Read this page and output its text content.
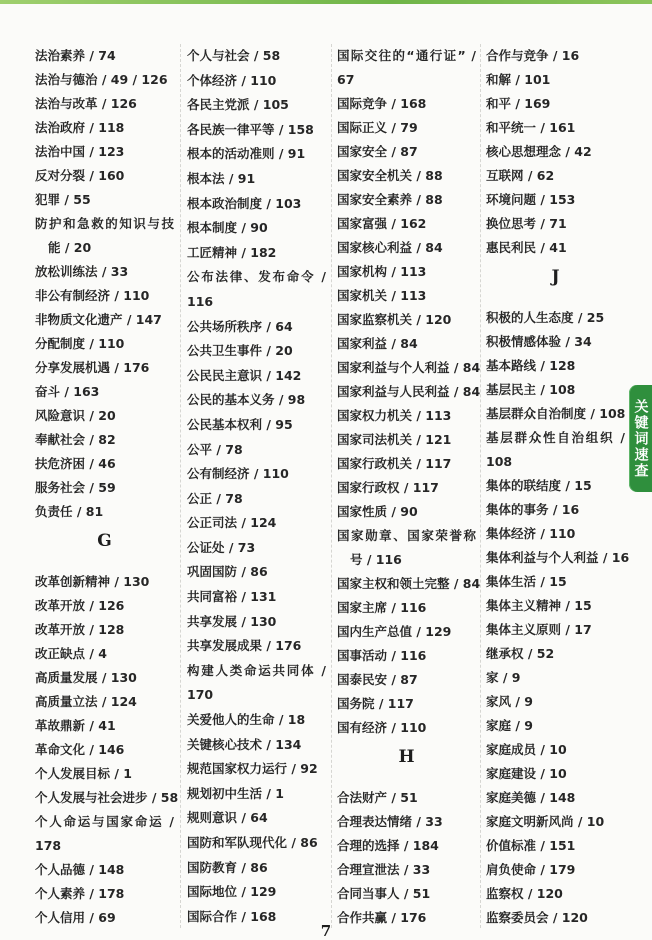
法治素养 / 74
法治与德治 / 49 / 126
法治与改革 / 126
法治政府 / 118
法治中国 / 123
反对分裂 / 160
犯罪 / 55
防护和急救的知识与技
能 / 20
放松训练法 / 33
非公有制经济 / 110
非物质文化遗产 / 147
分配制度 / 110
分享发展机遇 / 176
奋斗 / 163
风险意识 / 20
奉献社会 / 82
扶危济困 / 46
服务社会 / 59
负责任 / 81
G
改革创新精神 / 130
改革开放 / 126
改革开放 / 128
改正缺点 / 4
高质量发展 / 130
高质量立法 / 124
革故鼎新 / 41
革命文化 / 146
个人发展目标 / 1
个人发展与社会进步 / 58
个人命运与国家命运 /
178
个人品德 / 148
个人素养 / 178
个人信用 / 69
个人与社会 / 58
个体经济 / 110
各民主党派 / 105
各民族一律平等 / 158
根本的活动准则 / 91
根本法 / 91
根本政治制度 / 103
根本制度 / 90
工匠精神 / 182
公布法律、发布命令 /
116
公共场所秩序 / 64
公共卫生事件 / 20
公民民主意识 / 142
公民的基本义务 / 98
公民基本权利 / 95
公平 / 78
公有制经济 / 110
公正 / 78
公正司法 / 124
公证处 / 73
巩固国防 / 86
共同富裕 / 131
共享发展 / 130
共享发展成果 / 176
构建人类命运共同体 /
170
关爱他人的生命 / 18
关键核心技术 / 134
规范国家权力运行 / 92
规划初中生活 / 1
规则意识 / 64
国防和军队现代化 / 86
国防教育 / 86
国际地位 / 129
国际合作 / 168
国际交往的“通行证” /
67
国际竞争 / 168
国际正义 / 79
国家安全 / 87
国家安全机关 / 88
国家安全素养 / 88
国家富强 / 162
国家核心利益 / 84
国家机构 / 113
国家机关 / 113
国家监察机关 / 120
国家利益 / 84
国家利益与个人利益 / 84
国家利益与人民利益 / 84
国家权力机关 / 113
国家司法机关 / 121
国家行政机关 / 117
国家行政权 / 117
国家性质 / 90
国家勋章、国家荣誉称
号 / 116
国家主权和领土完整 / 84
国家主席 / 116
国内生产总值 / 129
国事活动 / 116
国泰民安 / 87
国务院 / 117
国有经济 / 110
H
合法财产 / 51
合理表达情绪 / 33
合理的选择 / 184
合理宣泄法 / 33
合同当事人 / 51
合作共赢 / 176
合作与竞争 / 16
和解 / 101
和平 / 169
和平统一 / 161
核心思想理念 / 42
互联网 / 62
环境问题 / 153
换位思考 / 71
惠民利民 / 41
J
积极的人生态度 / 25
积极情感体验 / 34
基本路线 / 128
基层民主 / 108
基层群众自治制度 / 108
基层群众性自治组织 /
108
集体的联结度 / 15
集体的事务 / 16
集体经济 / 110
集体利益与个人利益 / 16
集体生活 / 15
集体主义精神 / 15
集体主义原则 / 17
继承权 / 52
家 / 9
家风 / 9
家庭 / 9
家庭成员 / 10
家庭建设 / 10
家庭美德 / 148
家庭文明新风尚 / 10
价值标准 / 151
肩负使命 / 179
监察权 / 120
监察委员会 / 120
关键词速查
7
